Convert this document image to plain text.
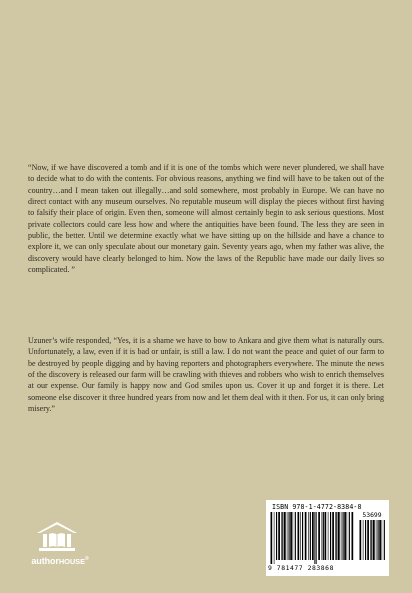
“Now, if we have discovered a tomb and if it is one of the tombs which were never plundered, we shall have to decide what to do with the contents. For obvious reasons, anything we find will have to be taken out of the country…and I mean taken out illegally…and sold somewhere, most probably in Europe. We can have no direct contact with any museum ourselves. No reputable museum will display the pieces without first having to falsify their place of origin. Even then, someone will almost certainly begin to ask serious questions. Most private collectors could care less how and where the antiquities have been found. The less they are seen in public, the better. Until we determine exactly what we have sitting up on the hillside and have a chance to explore it, we can only speculate about our monetary gain. Seventy years ago, when my father was alive, the discovery would have clearly belonged to him. Now the laws of the Republic have made our daily lives so complicated. ”

Uzuner’s wife responded, “Yes, it is a shame we have to bow to Ankara and give them what is naturally ours. Unfortunately, a law, even if it is bad or unfair, is still a law. I do not want the peace and quiet of our farm to be destroyed by people digging and by having reporters and photographers everywhere. The minute the news of the discovery is released our farm will be crawling with thieves and robbers who wish to enrich themselves at our expense. Our family is happy now and God smiles upon us. Cover it up and forget it is there. Let someone else discover it three hundred years from now and let them deal with it then. For us, it can only bring misery.”

authorHOUSE®
ISBN 978-1-4772-8384-8
53699
9 781477 283868
